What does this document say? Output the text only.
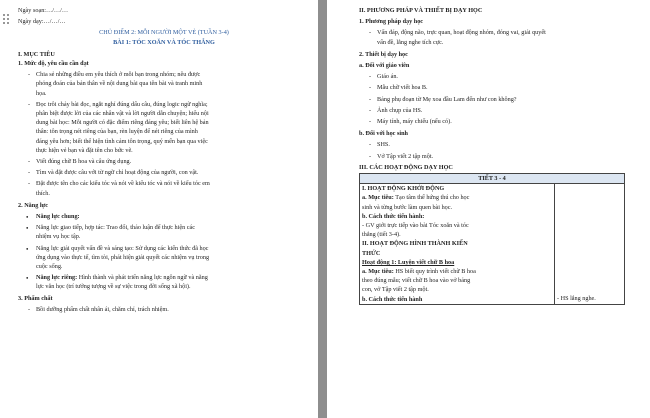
Ngày soạn:…/…/…
Ngày dạy:…/…/…
CHỦ ĐIỂM 2: MỖI NGƯỜI MỘT VẺ (TUẦN 3-4)
BÀI 1: TÓC XOĂN VÀ TÓC THẲNG
I. MỤC TIÊU
1. Mức độ, yêu cầu cần đạt
- Chia sẻ những điều em yêu thích ở mỗi bạn trong nhóm; nêu được
phỏng đoán của bản thân về nội dung bài qua tên bài và tranh minh
họa.
- Đọc trôi chảy bài đọc, ngắt nghỉ đúng dấu câu, đúng logic ngữ nghĩa;
phân biệt được lời của các nhân vật và lời người dẫn chuyện; hiểu nội
dung bài học: Mỗi người có đặc điểm riêng đáng yêu; biết liên hệ bản
thân: tôn trọng nét riêng của bạn, rèn luyện để nét riêng của mình
đáng yêu hơn; biết thể hiện tình cảm tôn trọng, quý mến bạn qua việc
thực hiện vẻ bạn và đặt tên cho bức vẽ.
- Viết đúng chữ B hoa và câu ứng dụng.
- Tìm và đặt được câu với từ ngữ chỉ hoạt động của người, con vật.
- Đặt được tên cho các kiểu tóc và nói về kiểu tóc và nói về kiểu tóc em
thích.
2. Năng lực
● Năng lực chung:
● Năng lực giao tiếp, hợp tác: Trao đổi, thảo luận để thực hiện các
nhiệm vụ học tập.
● Năng lực giải quyết vấn đề và sáng tạo: Sử dụng các kiến thức đã học
ứng dụng vào thực tế, tìm tòi, phát hiện giải quyết các nhiệm vụ trong
cuộc sống.
● Năng lực riêng: Hình thành và phát triển năng lực ngôn ngữ và năng
lực văn học (trí tưởng tượng về sự việc trong đời sống xã hội).
3. Phẩm chất
- Bồi dưỡng phẩm chất nhân ái, chăm chỉ, trách nhiệm.
II. PHƯƠNG PHÁP VÀ THIẾT BỊ DẠY HỌC
1. Phương pháp dạy học
- Vấn đáp, động não, trực quan, hoạt động nhóm, đóng vai, giải quyết
vấn đề, lắng nghe tích cực.
2. Thiết bị dạy học
a. Đối với giáo viên
- Giáo án.
- Mẫu chữ viết hoa B.
- Bảng phụ đoạn từ Mẹ xoa đầu Lam đến như con không?
- Ảnh chụp của HS.
- Máy tính, máy chiếu (nếu có).
b. Đối với học sinh
- SHS.
- Vở Tập viết 2 tập một.
III. CÁC HOẠT ĐỘNG DẠY HỌC
TIẾT 3 - 4

I. HOẠT ĐỘNG KHỞI ĐỘNG
a. Mục tiêu: Tạo tâm thế hứng thú cho học
sinh và từng bước làm quen bài học.
b. Cách thức tiến hành:
- GV giới trực tiếp vào bài Tóc xoăn và tóc
thẳng (tiết 3-4).
II. HOẠT ĐỘNG HÌNH THÀNH KIẾN
THỨC
Hoạt động 1: Luyện viết chữ B hoa
a. Mục tiêu: HS biết quy trình viết chữ B hoa
theo đúng mẫu; viết chữ B hoa vào vở bảng
con, vở Tập viết 2 tập một.
b. Cách thức tiến hành	- HS lắng nghe.
